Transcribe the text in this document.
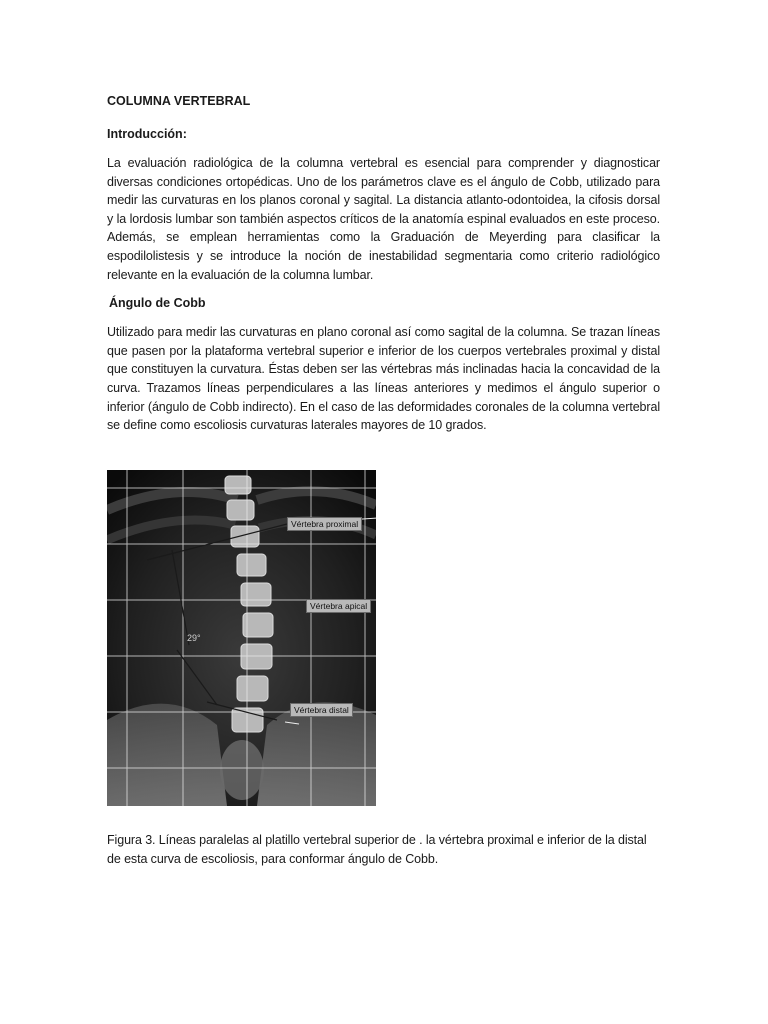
COLUMNA VERTEBRAL

Introducción:

La evaluación radiológica de la columna vertebral es esencial para comprender y diagnosticar diversas condiciones ortopédicas. Uno de los parámetros clave es el ángulo de Cobb, utilizado para medir las curvaturas en los planos coronal y sagital. La distancia atlanto-odontoidea, la cifosis dorsal y la lordosis lumbar son también aspectos críticos de la anatomía espinal evaluados en este proceso. Además, se emplean herramientas como la Graduación de Meyerding para clasificar la espodilolistesis y se introduce la noción de inestabilidad segmentaria como criterio radiológico relevante en la evaluación de la columna lumbar.

Ángulo de Cobb

Utilizado para medir las curvaturas en plano coronal así como sagital de la columna. Se trazan líneas que pasen por la plataforma vertebral superior e inferior de los cuerpos vertebrales proximal y distal que constituyen la curvatura. Éstas deben ser las vértebras más inclinadas hacia la concavidad de la curva. Trazamos líneas perpendiculares a las líneas anteriores y medimos el ángulo superior o inferior (ángulo de Cobb indirecto). En el caso de las deformidades coronales de la columna vertebral se define como escoliosis curvaturas laterales mayores de 10 grados.

Vértebra proximal
Vértebra apical
Vértebra distal
29°

Figura 3. Líneas paralelas al platillo vertebral superior de . la vértebra proximal e inferior de la distal de esta curva de escoliosis, para conformar ángulo de Cobb.
